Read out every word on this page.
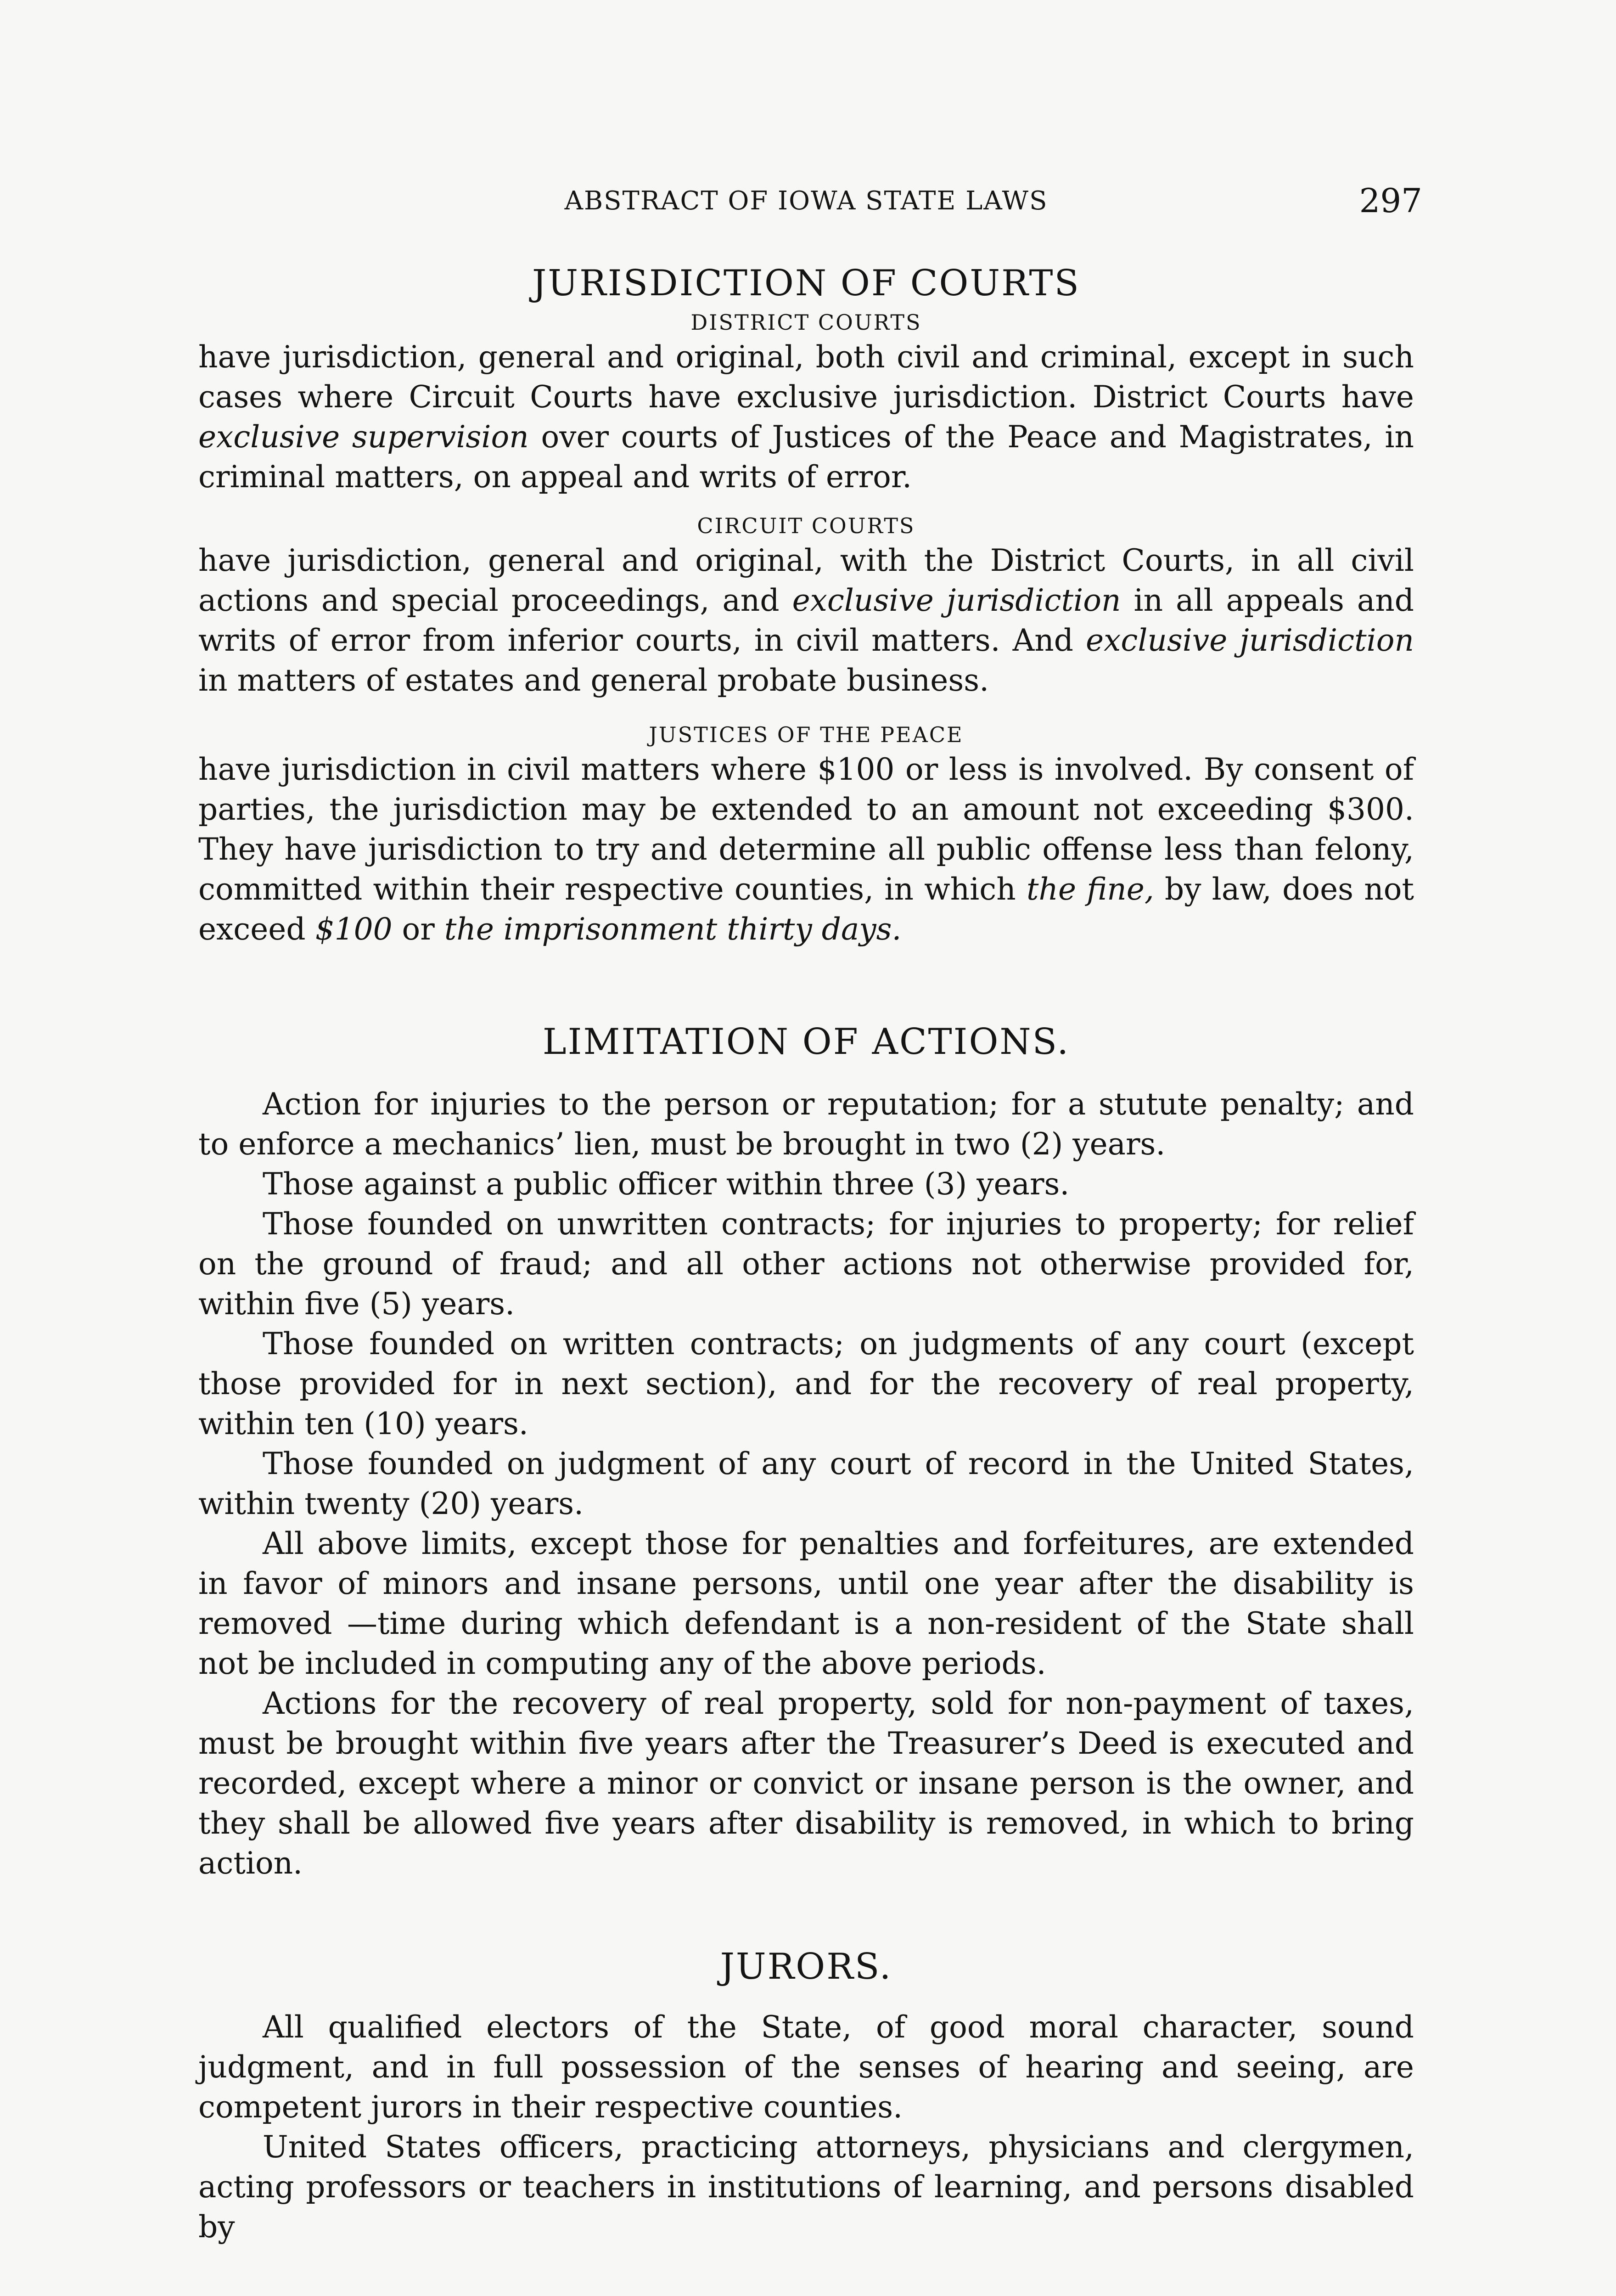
ABSTRACT OF IOWA STATE LAWS	297
JURISDICTION OF COURTS
DISTRICT COURTS

have jurisdiction, general and original, both civil and criminal, except in such cases where Circuit Courts have exclusive jurisdiction. District Courts have exclusive supervision over courts of Justices of the Peace and Magistrates, in criminal matters, on appeal and writs of error.

CIRCUIT COURTS

have jurisdiction, general and original, with the District Courts, in all civil actions and special proceedings, and exclusive jurisdiction in all appeals and writs of error from inferior courts, in civil matters. And exclusive jurisdiction in matters of estates and general probate business.

JUSTICES OF THE PEACE

have jurisdiction in civil matters where $100 or less is involved. By consent of parties, the jurisdiction may be extended to an amount not exceeding $300. They have jurisdiction to try and determine all public offense less than felony, committed within their respective counties, in which the fine, by law, does not exceed $100 or the imprisonment thirty days.

LIMITATION OF ACTIONS.

Action for injuries to the person or reputation; for a stutute penalty; and to enforce a mechanics’ lien, must be brought in two (2) years.

Those against a public officer within three (3) years.

Those founded on unwritten contracts; for injuries to property; for relief on the ground of fraud; and all other actions not otherwise provided for, within five (5) years.

Those founded on written contracts; on judgments of any court (except those provided for in next section), and for the recovery of real property, within ten (10) years.

Those founded on judgment of any court of record in the United States, within twenty (20) years.

All above limits, except those for penalties and forfeitures, are extended in favor of minors and insane persons, until one year after the disability is removed —time during which defendant is a non-resident of the State shall not be included in computing any of the above periods.

Actions for the recovery of real property, sold for non-payment of taxes, must be brought within five years after the Treasurer’s Deed is executed and recorded, except where a minor or convict or insane person is the owner, and they shall be allowed five years after disability is removed, in which to bring action.

JURORS.

All qualified electors of the State, of good moral character, sound judgment, and in full possession of the senses of hearing and seeing, are competent jurors in their respective counties.

United States officers, practicing attorneys, physicians and clergymen, acting professors or teachers in institutions of learning, and persons disabled by
